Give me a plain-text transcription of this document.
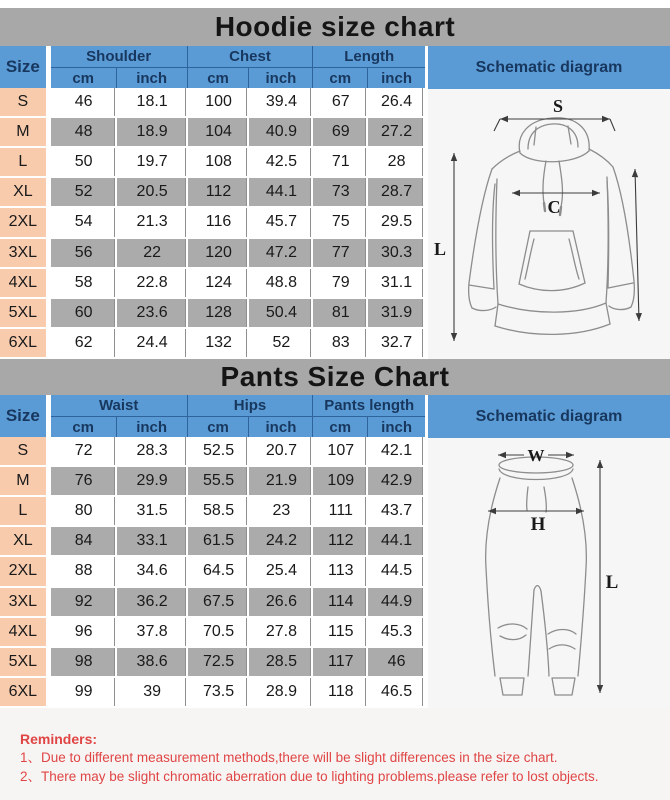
Hoodie size chart
Size	Shoulder		Chest		Length	
	cm	inch	cm	inch	cm	inch
S	46	18.1	100	39.4	67	26.4
M	48	18.9	104	40.9	69	27.2
L	50	19.7	108	42.5	71	28
XL	52	20.5	112	44.1	73	28.7
2XL	54	21.3	116	45.7	75	29.5
3XL	56	22	120	47.2	77	30.3
4XL	58	22.8	124	48.8	79	31.1
5XL	60	23.6	128	50.4	81	31.9
6XL	62	24.4	132	52	83	32.7
Schematic diagram
S
L
C
Pants Size Chart
Size	Waist		Hips		Pants length	
	cm	inch	cm	inch	cm	inch
S	72	28.3	52.5	20.7	107	42.1
M	76	29.9	55.5	21.9	109	42.9
L	80	31.5	58.5	23	111	43.7
XL	84	33.1	61.5	24.2	112	44.1
2XL	88	34.6	64.5	25.4	113	44.5
3XL	92	36.2	67.5	26.6	114	44.9
4XL	96	37.8	70.5	27.8	115	45.3
5XL	98	38.6	72.5	28.5	117	46
6XL	99	39	73.5	28.9	118	46.5
Schematic diagram
W
H
L
Reminders:
1、Due to different measurement methods,there will be slight differences in the size chart.
2、There may be slight chromatic aberration due to lighting problems.please refer to lost objects.
